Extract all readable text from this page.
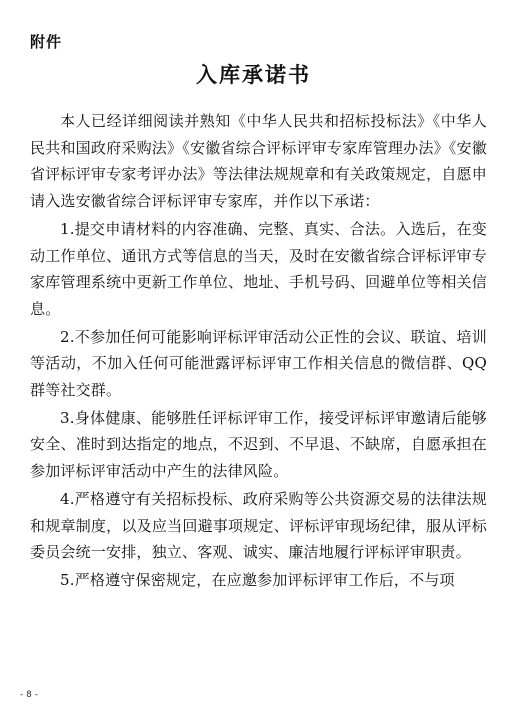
附件
入库承诺书

本人已经详细阅读并熟知《中华人民共和招标投标法》《中华人民共和国政府采购法》《安徽省综合评标评审专家库管理办法》《安徽省评标评审专家考评办法》等法律法规规章和有关政策规定，自愿申请入选安徽省综合评标评审专家库，并作以下承诺：

1.提交申请材料的内容准确、完整、真实、合法。入选后，在变动工作单位、通讯方式等信息的当天，及时在安徽省综合评标评审专家库管理系统中更新工作单位、地址、手机号码、回避单位等相关信息。

2.不参加任何可能影响评标评审活动公正性的会议、联谊、培训等活动，不加入任何可能泄露评标评审工作相关信息的微信群、QQ群等社交群。

3.身体健康、能够胜任评标评审工作，接受评标评审邀请后能够安全、准时到达指定的地点，不迟到、不早退、不缺席，自愿承担在参加评标评审活动中产生的法律风险。

4.严格遵守有关招标投标、政府采购等公共资源交易的法律法规和规章制度，以及应当回避事项规定、评标评审现场纪律，服从评标委员会统一安排，独立、客观、诚实、廉洁地履行评标评审职责。

5.严格遵守保密规定，在应邀参加评标评审工作后，不与项

- 8 -
